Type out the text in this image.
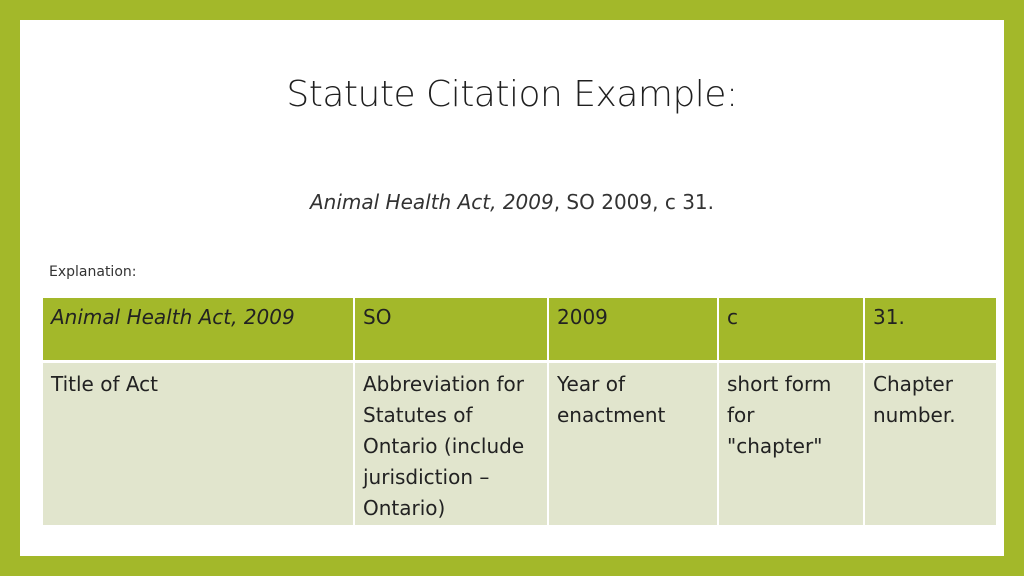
Statute Citation Example:
Animal Health Act, 2009, SO 2009, c 31.
Explanation:
Animal Health Act, 2009	SO	2009	c	31.
Title of Act	Abbreviation for Statutes of Ontario (include jurisdiction –Ontario)	Year of enactment	short form for "chapter"	Chapter number.
